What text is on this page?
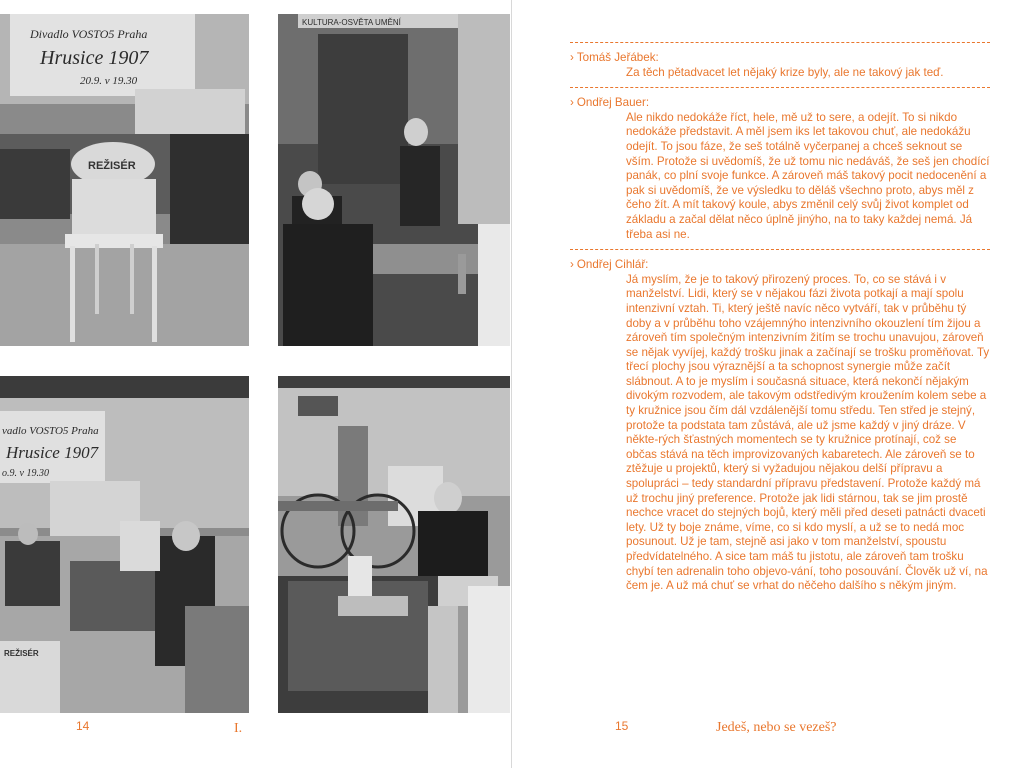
Divadlo VOSTO5 Praha
Hrusice 1907
20.9. v 19.30
REŽISÉR
KULTURA-OSVĚTA UMĚNÍ
vadlo VOSTO5 Praha
Hrusice 1907
o.9. v 19.30
REŽISÉR
14	I.
› Tomáš Jeřábek:
Za těch pětadvacet let nějaký krize byly, ale ne takový jak teď.
› Ondřej Bauer:
Ale nikdo nedokáže říct, hele, mě už to sere, a odejít. To si nikdo nedokáže představit. A měl jsem iks let takovou chuť, ale nedokážu odejít. To jsou fáze, že seš totálně vyčerpanej a chceš seknout se vším. Protože si uvědomíš, že už tomu nic nedáváš, že seš jen chodící panák, co plní svoje funkce. A zároveň máš takový pocit nedocenění a pak si uvědomíš, že ve výsledku to děláš všechno proto, abys měl z čeho žít. A mít takový koule, abys změnil celý svůj život komplet od základu a začal dělat něco úplně jinýho, na to taky každej nemá. Já třeba asi ne.
› Ondřej Cihlář:
Já myslím, že je to takový přirozený proces. To, co se stává i v manželství. Lidi, který se v nějakou fázi života potkají a mají spolu intenzivní vztah. Ti, který ještě navíc něco vytváří, tak v průběhu tý doby a v průběhu toho vzájemnýho intenzivního okouzlení tím žijou a zároveň tím společným intenzivním žitím se trochu unavujou, zároveň se nějak vyvíjej, každý trošku jinak a začínají se trošku proměňovat. Ty třecí plochy jsou výraznější a ta schopnost synergie může začít slábnout. A to je myslím i současná situace, která nekončí nějakým divokým rozvodem, ale takovým odstředivým kroužením kolem sebe a ty kružnice jsou čím dál vzdálenější tomu středu. Ten střed je stejný, protože ta podstata tam zůstává, ale už jsme každý v jiný dráze. V někte-rých šťastných momentech se ty kružnice protínají, což se občas stává na těch improvizovaných kabaretech. Ale zároveň se to ztěžuje u projektů, který si vyžadujou nějakou delší přípravu a spolupráci – tedy standardní přípravu představení. Protože každý má už trochu jiný preference. Protože jak lidi stárnou, tak se jim prostě nechce vracet do stejných bojů, který měli před deseti patnácti dvaceti lety. Už ty boje známe, víme, co si kdo myslí, a už se to nedá moc posunout. Už je tam, stejně asi jako v tom manželství, spoustu předvídatelného. A sice tam máš tu jistotu, ale zároveň tam trošku chybí ten adrenalin toho objevo-vání, toho posouvání. Člověk už ví, na čem je. A už má chuť se vrhat do něčeho dalšího s někým jiným.
15	Jedeš, nebo se vezeš?
